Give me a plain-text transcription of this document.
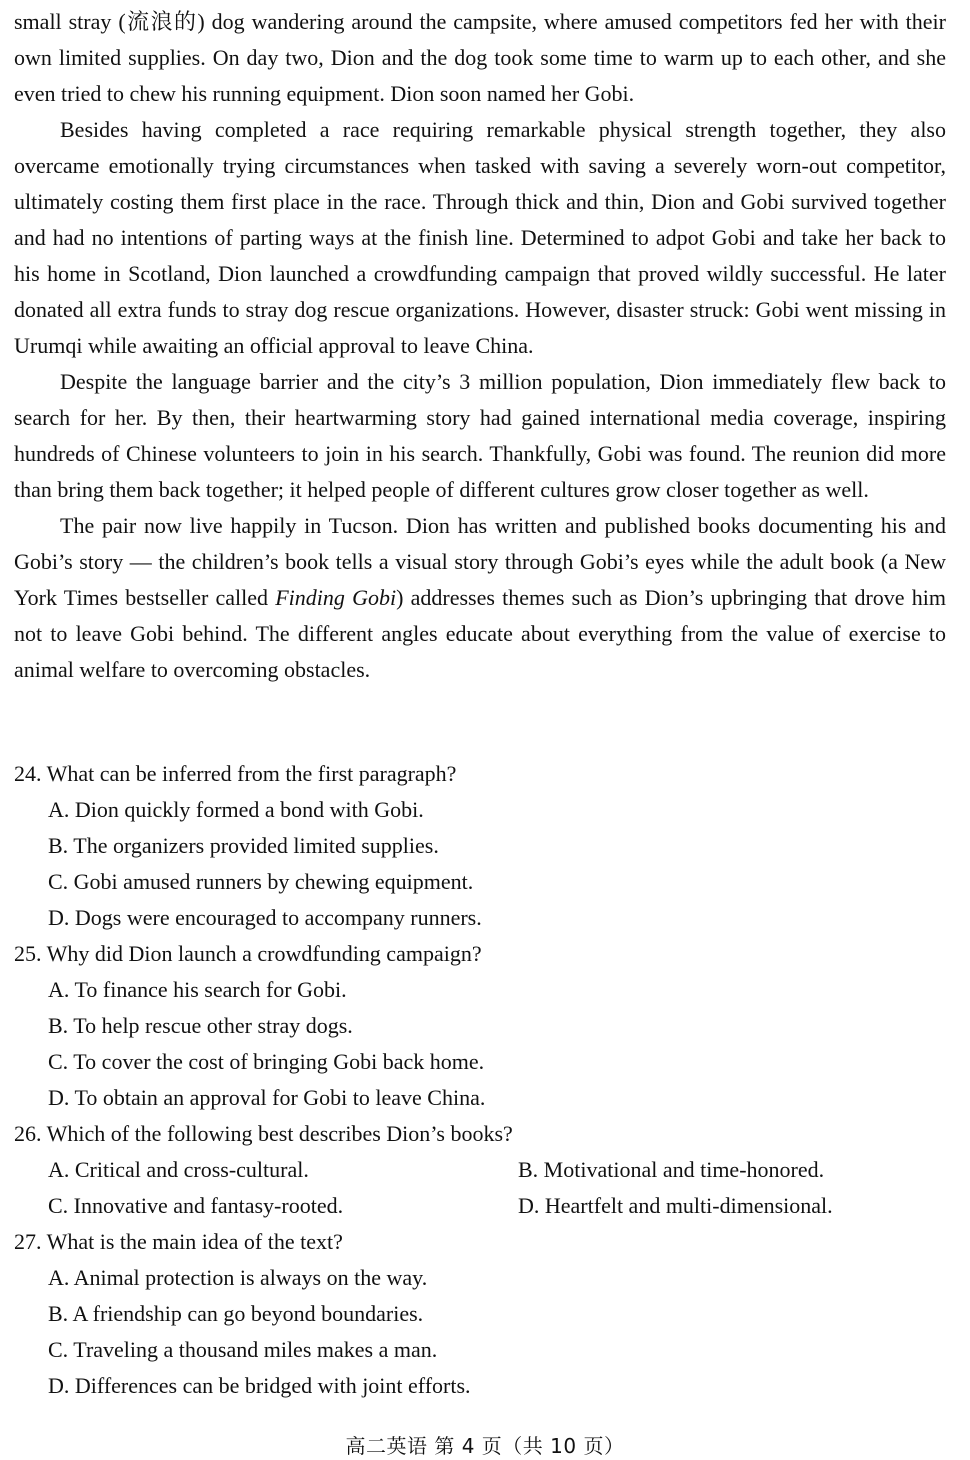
small stray (流浪的) dog wandering around the campsite, where amused competitors fed her with their own limited supplies. On day two, Dion and the dog took some time to warm up to each other, and she even tried to chew his running equipment. Dion soon named her Gobi.

Besides having completed a race requiring remarkable physical strength together, they also overcame emotionally trying circumstances when tasked with saving a severely worn-out competitor, ultimately costing them first place in the race. Through thick and thin, Dion and Gobi survived together and had no intentions of parting ways at the finish line. Determined to adpot Gobi and take her back to his home in Scotland, Dion launched a crowdfunding campaign that proved wildly successful. He later donated all extra funds to stray dog rescue organizations. However, disaster struck: Gobi went missing in Urumqi while awaiting an official approval to leave China.

Despite the language barrier and the city’s 3 million population, Dion immediately flew back to search for her. By then, their heartwarming story had gained international media coverage, inspiring hundreds of Chinese volunteers to join in his search. Thankfully, Gobi was found. The reunion did more than bring them back together; it helped people of different cultures grow closer together as well.

The pair now live happily in Tucson. Dion has written and published books documenting his and Gobi’s story — the children’s book tells a visual story through Gobi’s eyes while the adult book (a New York Times bestseller called Finding Gobi) addresses themes such as Dion’s upbringing that drove him not to leave Gobi behind. The different angles educate about everything from the value of exercise to animal welfare to overcoming obstacles.

24. What can be inferred from the first paragraph?

A. Dion quickly formed a bond with Gobi.

B. The organizers provided limited supplies.

C. Gobi amused runners by chewing equipment.

D. Dogs were encouraged to accompany runners.

25. Why did Dion launch a crowdfunding campaign?

A. To finance his search for Gobi.

B. To help rescue other stray dogs.

C. To cover the cost of bringing Gobi back home.

D. To obtain an approval for Gobi to leave China.

26. Which of the following best describes Dion’s books?

A. Critical and cross-cultural.	B. Motivational and time-honored.
C. Innovative and fantasy-rooted.	D. Heartfelt and multi-dimensional.

27. What is the main idea of the text?

A. Animal protection is always on the way.

B. A friendship can go beyond boundaries.

C. Traveling a thousand miles makes a man.

D. Differences can be bridged with joint efforts.

高二英语 第 4 页（共 10 页）
